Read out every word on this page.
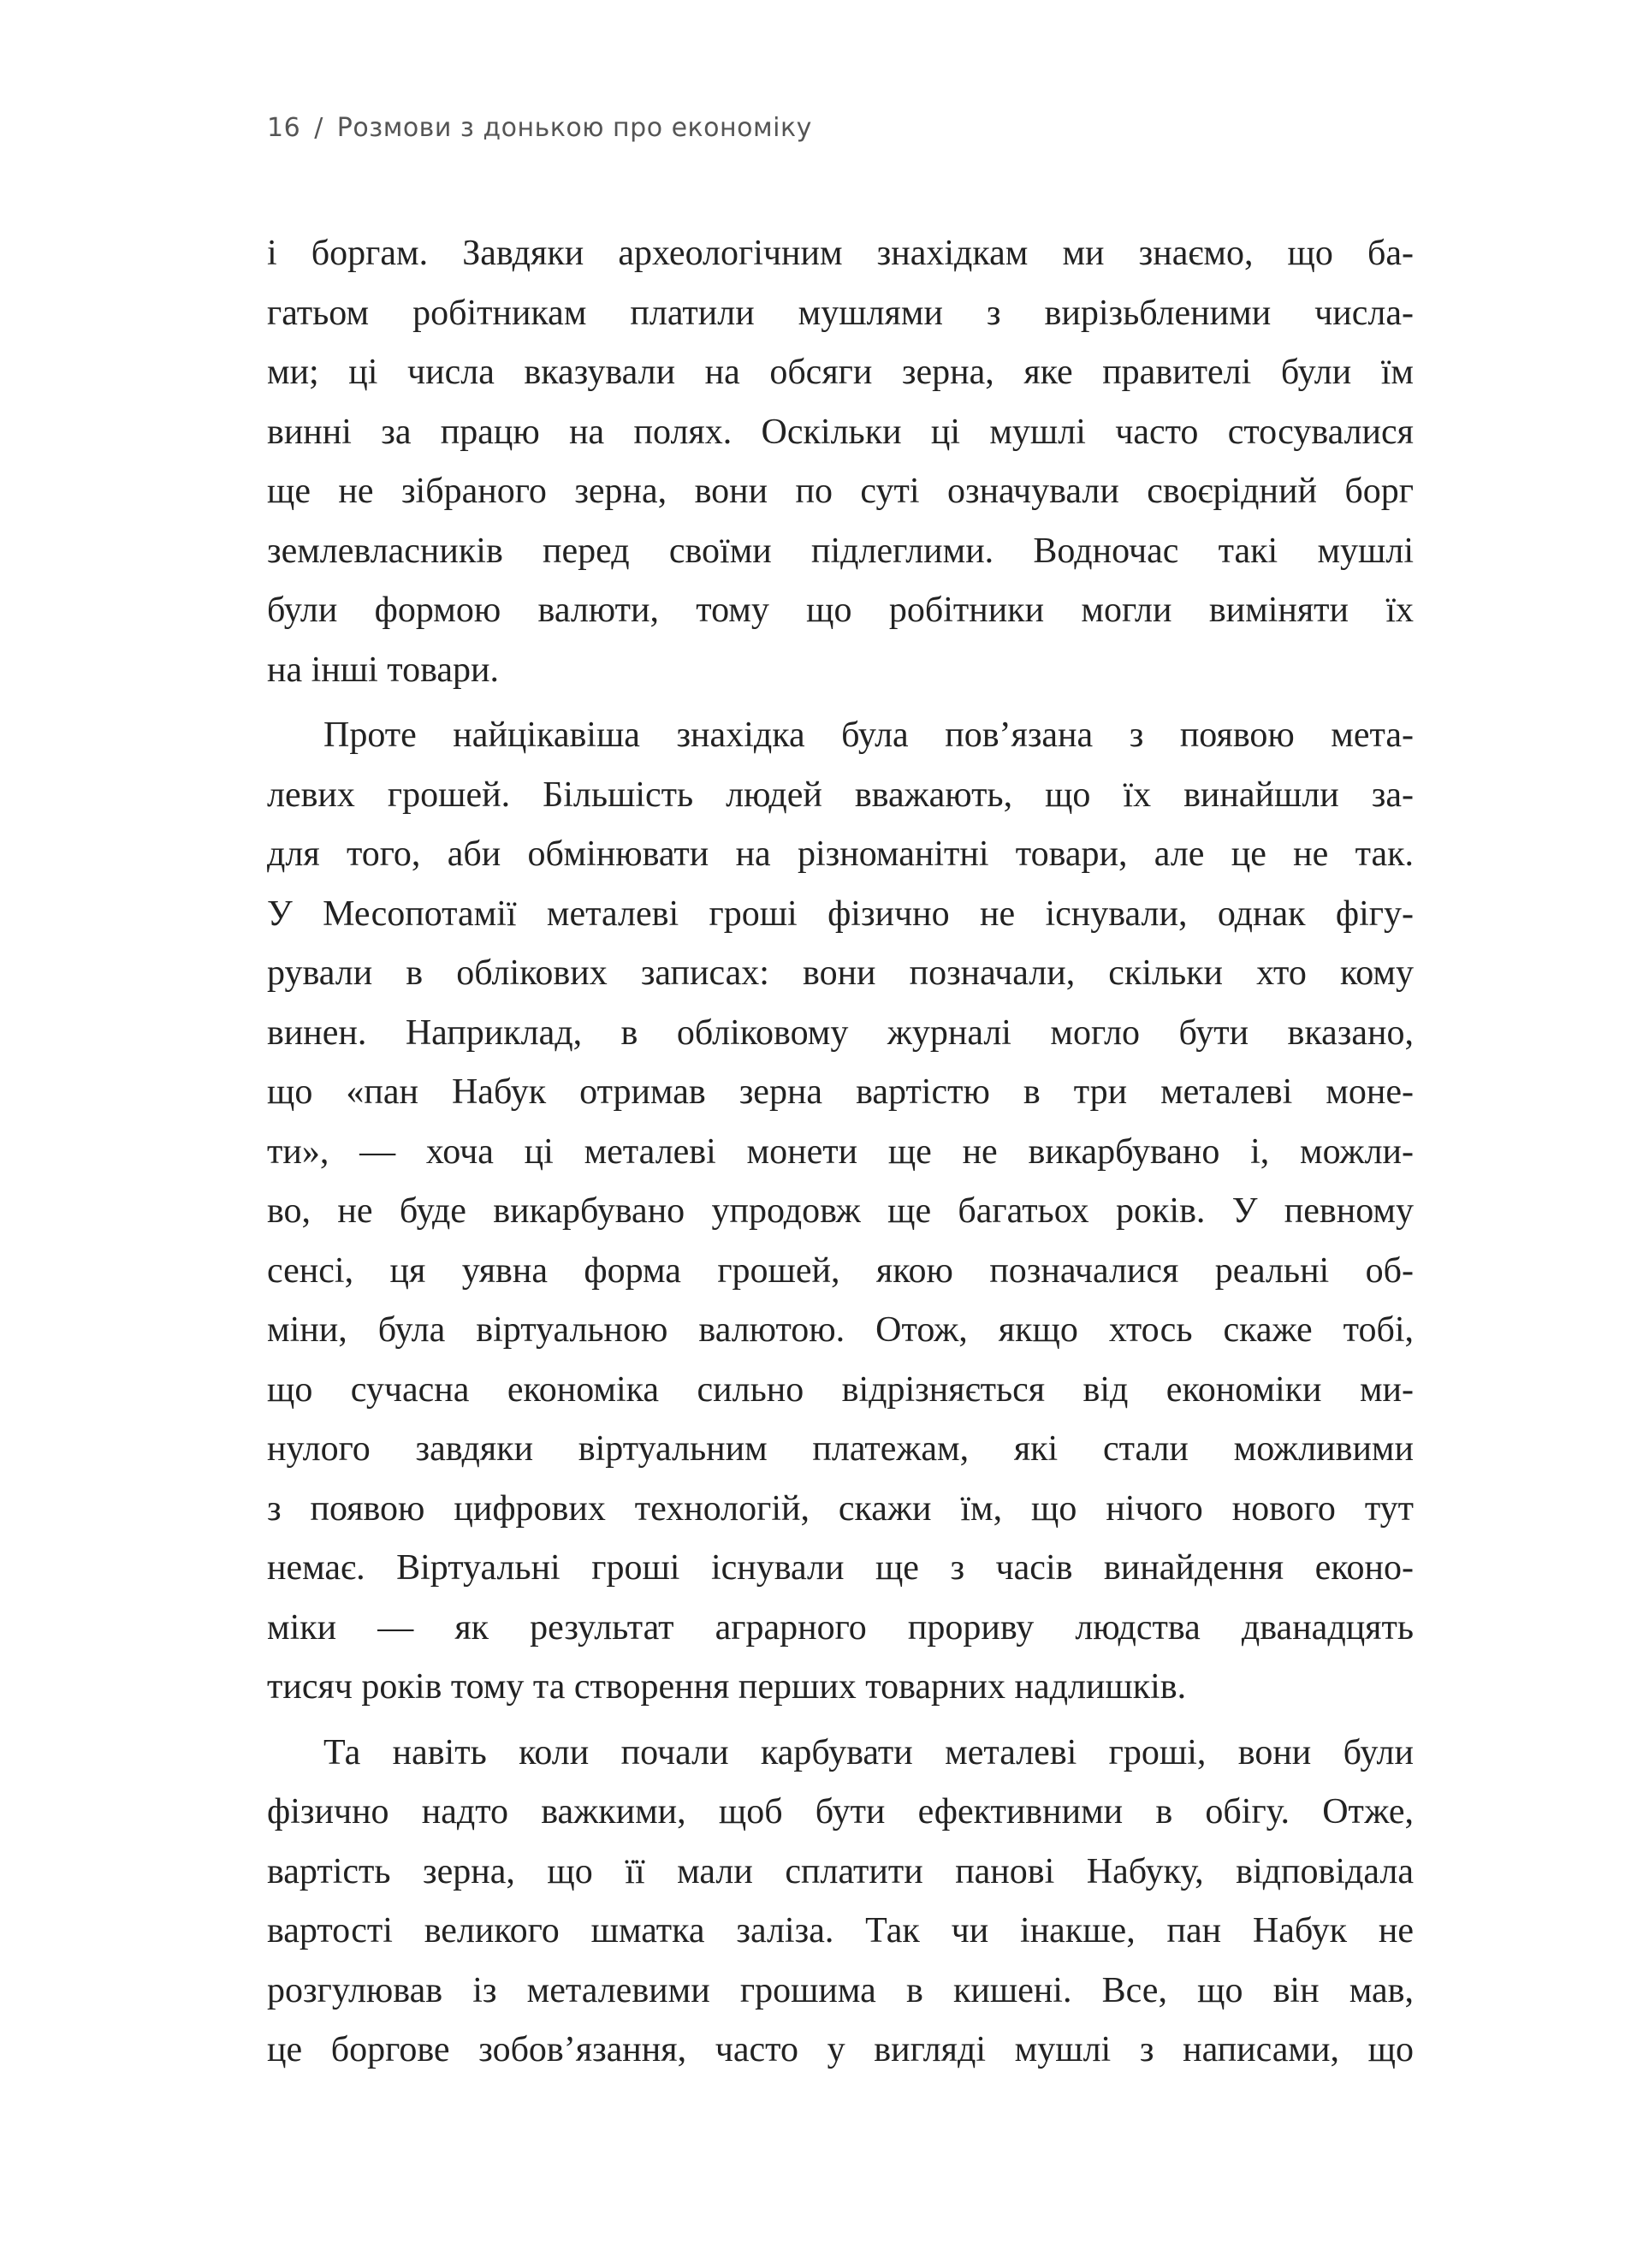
16 / Розмови з донькою про економіку
і боргам. Завдяки археологічним знахідкам ми знаємо, що ба-
гатьом робітникам платили мушлями з вирізьбленими числа-
ми; ці числа вказували на обсяги зерна, яке правителі були їм
винні за працю на полях. Оскільки ці мушлі часто стосувалися
ще не зібраного зерна, вони по суті означували своєрідний борг
землевласників перед своїми підлеглими. Водночас такі мушлі
були формою валюти, тому що робітники могли виміняти їх
на інші товари.
Проте найцікавіша знахідка була пов’язана з появою мета-
левих грошей. Більшість людей вважають, що їх винайшли за-
для того, аби обмінювати на різноманітні товари, але це не так.
У Месопотамії металеві гроші фізично не існували, однак фігу-
рували в облікових записах: вони позначали, скільки хто кому
винен. Наприклад, в обліковому журналі могло бути вказано,
що «пан Набук отримав зерна вартістю в три металеві моне-
ти», — хоча ці металеві монети ще не викарбувано і, можли-
во, не буде викарбувано упродовж ще багатьох років. У певному
сенсі, ця уявна форма грошей, якою позначалися реальні об-
міни, була віртуальною валютою. Отож, якщо хтось скаже тобі,
що сучасна економіка сильно відрізняється від економіки ми-
нулого завдяки віртуальним платежам, які стали можливими
з появою цифрових технологій, скажи їм, що нічого нового тут
немає. Віртуальні гроші існували ще з часів винайдення еконо-
міки — як результат аграрного прориву людства дванадцять
тисяч років тому та створення перших товарних надлишків.
Та навіть коли почали карбувати металеві гроші, вони були
фізично надто важкими, щоб бути ефективними в обігу. Отже,
вартість зерна, що її мали сплатити панові Набуку, відповідала
вартості великого шматка заліза. Так чи інакше, пан Набук не
розгулював із металевими грошима в кишені. Все, що він мав,
це боргове зобов’язання, часто у вигляді мушлі з написами, що
